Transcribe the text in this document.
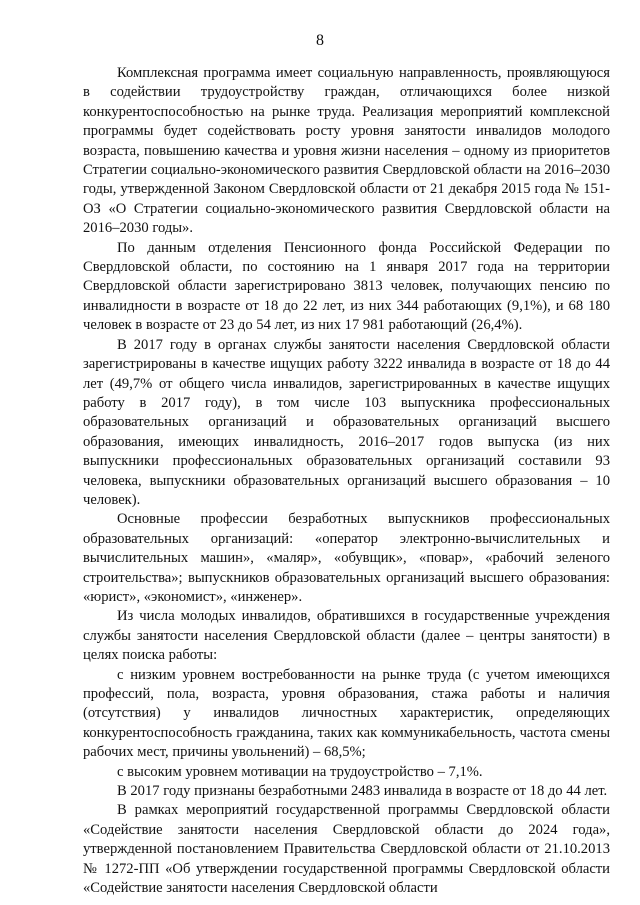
8

Комплексная программа имеет социальную направленность, проявляющуюся в содействии трудоустройству граждан, отличающихся более низкой конкурентоспособностью на рынке труда. Реализация мероприятий комплексной программы будет содействовать росту уровня занятости инвалидов молодого возраста, повышению качества и уровня жизни населения – одному из приоритетов Стратегии социально-экономического развития Свердловской области на 2016–2030 годы, утвержденной Законом Свердловской области от 21 декабря 2015 года № 151-ОЗ «О Стратегии социально-экономического развития Свердловской области на 2016–2030 годы».

По данным отделения Пенсионного фонда Российской Федерации по Свердловской области, по состоянию на 1 января 2017 года на территории Свердловской области зарегистрировано 3813 человек, получающих пенсию по инвалидности в возрасте от 18 до 22 лет, из них 344 работающих (9,1%), и 68 180 человек в возрасте от 23 до 54 лет, из них 17 981 работающий (26,4%).

В 2017 году в органах службы занятости населения Свердловской области зарегистрированы в качестве ищущих работу 3222 инвалида в возрасте от 18 до 44 лет (49,7% от общего числа инвалидов, зарегистрированных в качестве ищущих работу в 2017 году), в том числе 103 выпускника профессиональных образовательных организаций и образовательных организаций высшего образования, имеющих инвалидность, 2016–2017 годов выпуска (из них выпускники профессиональных образовательных организаций составили 93 человека, выпускники образовательных организаций высшего образования – 10 человек).

Основные профессии безработных выпускников профессиональных образовательных организаций: «оператор электронно-вычислительных и вычислительных машин», «маляр», «обувщик», «повар», «рабочий зеленого строительства»; выпускников образовательных организаций высшего образования: «юрист», «экономист», «инженер».

Из числа молодых инвалидов, обратившихся в государственные учреждения службы занятости населения Свердловской области (далее – центры занятости) в целях поиска работы:

с низким уровнем востребованности на рынке труда (с учетом имеющихся профессий, пола, возраста, уровня образования, стажа работы и наличия (отсутствия) у инвалидов личностных характеристик, определяющих конкурентоспособность гражданина, таких как коммуникабельность, частота смены рабочих мест, причины увольнений) – 68,5%;

с высоким уровнем мотивации на трудоустройство – 7,1%.

В 2017 году признаны безработными 2483 инвалида в возрасте от 18 до 44 лет.

В рамках мероприятий государственной программы Свердловской области «Содействие занятости населения Свердловской области до 2024 года», утвержденной постановлением Правительства Свердловской области от 21.10.2013 № 1272-ПП «Об утверждении государственной программы Свердловской области «Содействие занятости населения Свердловской области
